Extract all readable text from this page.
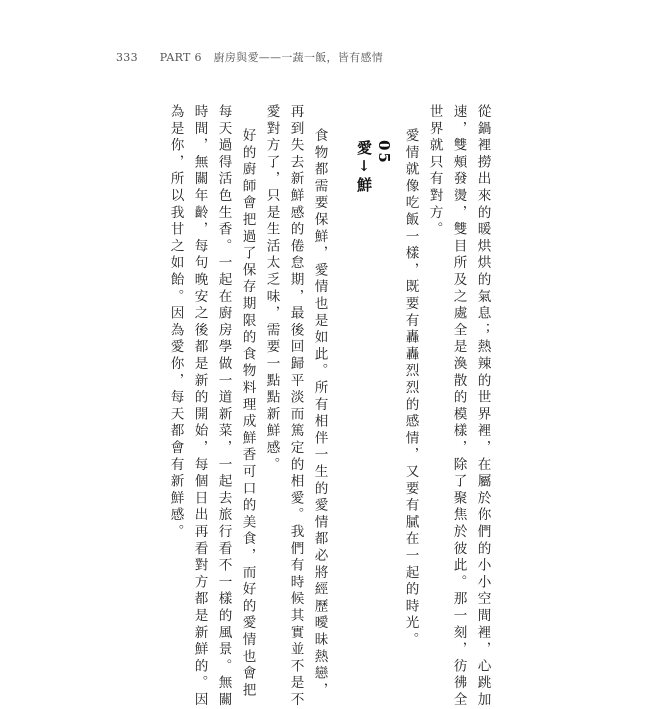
333 PART 6 廚房與愛——一蔬一飯，皆有感情
從鍋裡撈出來的暖烘烘的氣息；熱辣的世界裡，在屬於你們的小小空間裡，心跳加
速，雙頰發燙，雙目所及之處全是渙散的模樣，除了聚焦於彼此。那一刻，彷彿全
世界就只有對方。
愛情就像吃飯一樣，既要有轟轟烈烈的感情，又要有膩在一起的時光。
05
愛↓鮮
食物都需要保鮮，愛情也是如此。所有相伴一生的愛情都必將經歷曖昧熱戀，
再到失去新鮮感的倦怠期，最後回歸平淡而篤定的相愛。我們有時候其實並不是不
愛對方了，只是生活太乏味，需要一點點新鮮感。
好的廚師會把過了保存期限的食物料理成鮮香可口的美食，而好的愛情也會把
每天過得活色生香。一起在廚房學做一道新菜，一起去旅行看不一樣的風景。無關
時間，無關年齡，每句晚安之後都是新的開始，每個日出再看對方都是新鮮的。因
為是你，所以我甘之如飴。因為愛你，每天都會有新鮮感。
